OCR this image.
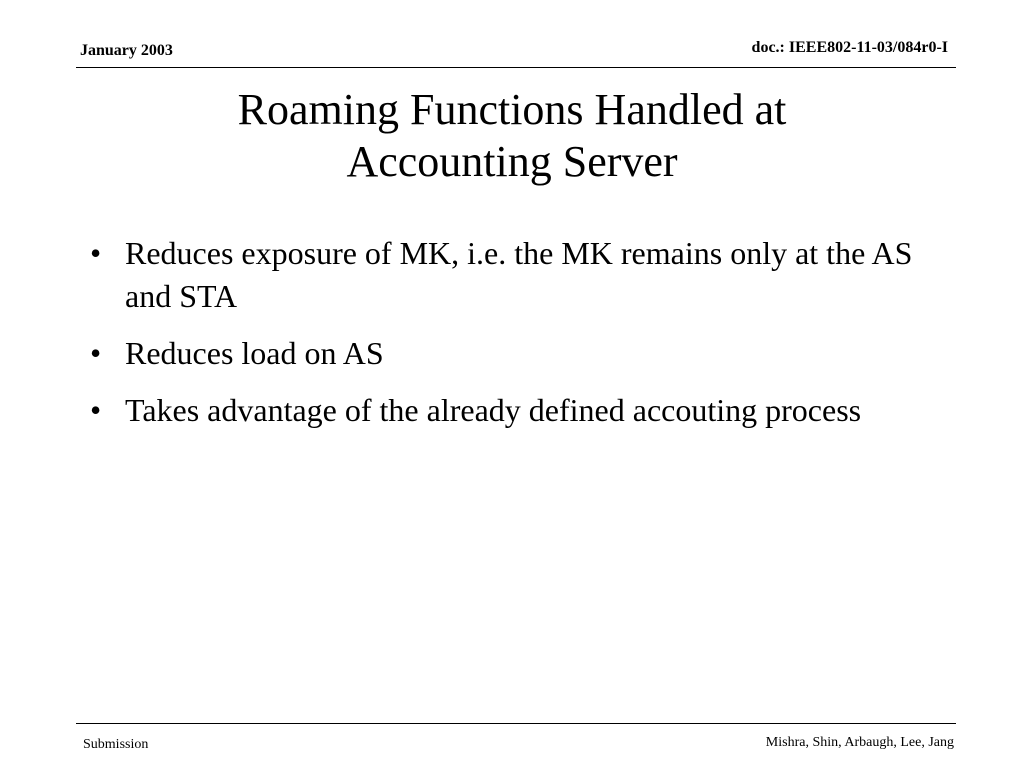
January 2003	doc.: IEEE802-11-03/084r0-I
Roaming Functions Handled at
Accounting Server
• Reduces exposure of MK, i.e. the MK remains only at the AS and STA
• Reduces load on AS
• Takes advantage of the already defined accouting process
Submission	Mishra, Shin, Arbaugh, Lee, Jang
